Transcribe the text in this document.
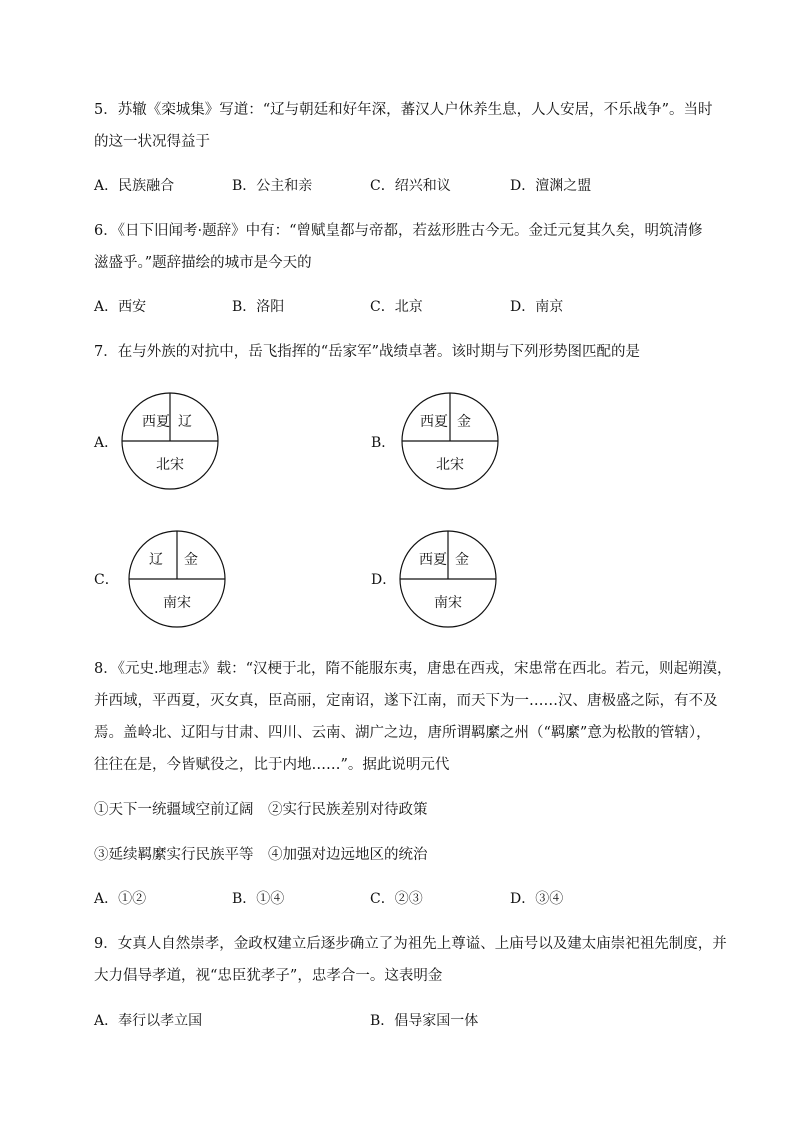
5．苏辙《栾城集》写道：“辽与朝廷和好年深，蕃汉人户休养生息，人人安居，不乐战争”。当时
的这一状况得益于
A．民族融合	B．公主和亲	C．绍兴和议	D．澶渊之盟
6．《日下旧闻考·题辞》中有：“曾赋皇都与帝都，若兹形胜古今无。金迁元复其久矣，明筑清修
滋盛乎。”题辞描绘的城市是今天的
A．西安	B．洛阳	C．北京	D．南京
7．在与外族的对抗中，岳飞指挥的“岳家军”战绩卓著。该时期与下列形势图匹配的是
A．
西夏 辽
北宋
B．
西夏 金
北宋
C．
辽 金
南宋
D．
西夏 金
南宋
8．《元史.地理志》载：“汉梗于北，隋不能服东夷，唐患在西戎，宋患常在西北。若元，则起朔漠，
并西域，平西夏，灭女真，臣高丽，定南诏，遂下江南，而天下为一……汉、唐极盛之际，有不及
焉。盖岭北、辽阳与甘肃、四川、云南、湖广之边，唐所谓羁縻之州（“羁縻”意为松散的管辖），
往往在是，今皆赋役之，比于内地……”。据此说明元代
①天下一统疆域空前辽阔　②实行民族差别对待政策
③延续羁縻实行民族平等　④加强对边远地区的统治
A．①②	B．①④	C．②③	D．③④
9．女真人自然崇孝，金政权建立后逐步确立了为祖先上尊谥、上庙号以及建太庙崇祀祖先制度，并
大力倡导孝道，视“忠臣犹孝子”，忠孝合一。这表明金
A．奉行以孝立国	B．倡导家国一体
